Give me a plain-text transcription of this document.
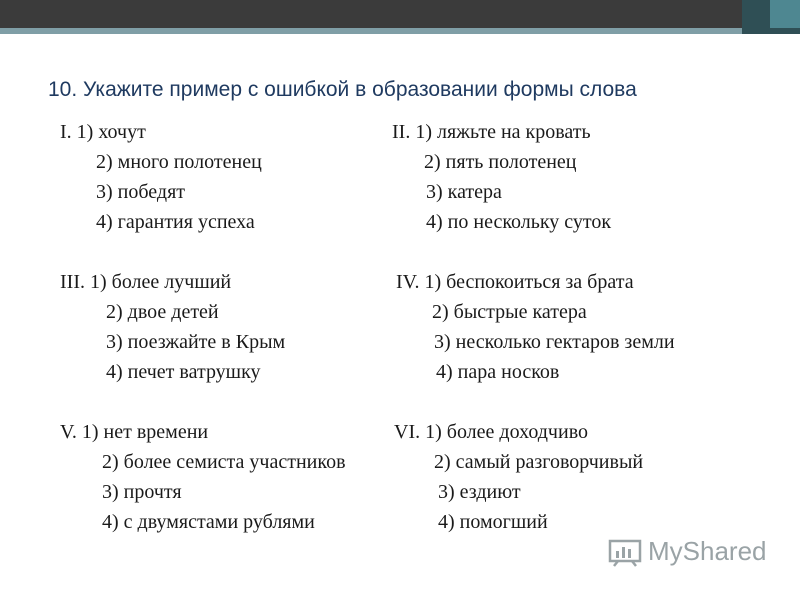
10. Укажите пример с ошибкой в образовании формы слова
I. 1) хочут
2) много полотенец
3) победят
4) гарантия успеха
II. 1) ляжьте на кровать
2) пять полотенец
3) катера
4) по нескольку суток
III. 1) более лучший
2) двое детей
3) поезжайте в Крым
4) печет ватрушку
IV. 1) беспокоиться за брата
2) быстрые катера
3) несколько гектаров земли
4) пара носков
V. 1) нет времени
2) более семиста участников
3) прочтя
4) с двумястами рублями
VI. 1) более доходчиво
2) самый разговорчивый
3) ездиют
4) помогший
MyShared
